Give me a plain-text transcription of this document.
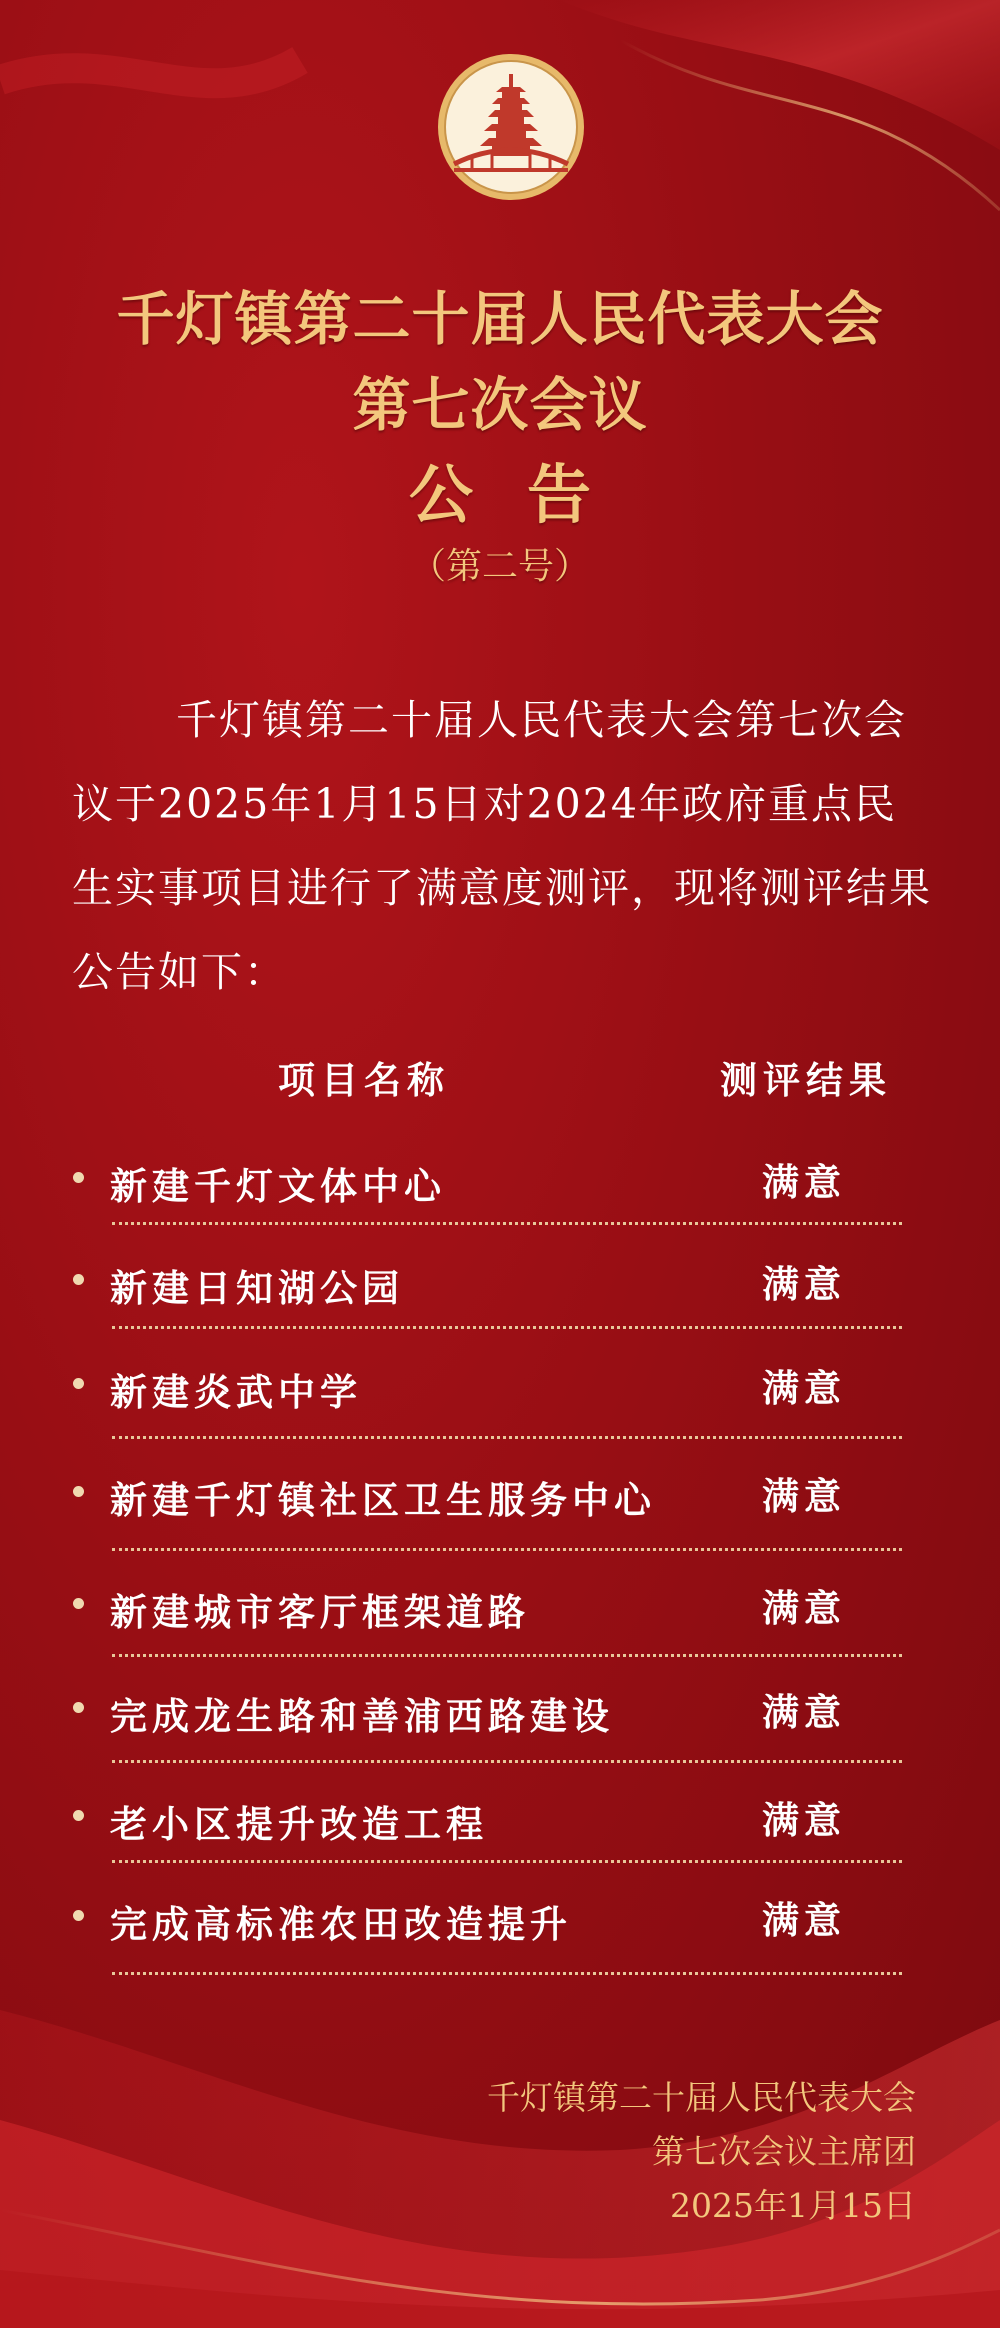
千灯镇第二十届人民代表大会
第七次会议
公告
（第二号）
千灯镇第二十届人民代表大会第七次会议于2025年1月15日对2024年政府重点民生实事项目进行了满意度测评，现将测评结果公告如下：
项目名称	测评结果
新建千灯文体中心	满意
新建日知湖公园	满意
新建炎武中学	满意
新建千灯镇社区卫生服务中心	满意
新建城市客厅框架道路	满意
完成龙生路和善浦西路建设	满意
老小区提升改造工程	满意
完成高标准农田改造提升	满意
千灯镇第二十届人民代表大会
第七次会议主席团
2025年1月15日
